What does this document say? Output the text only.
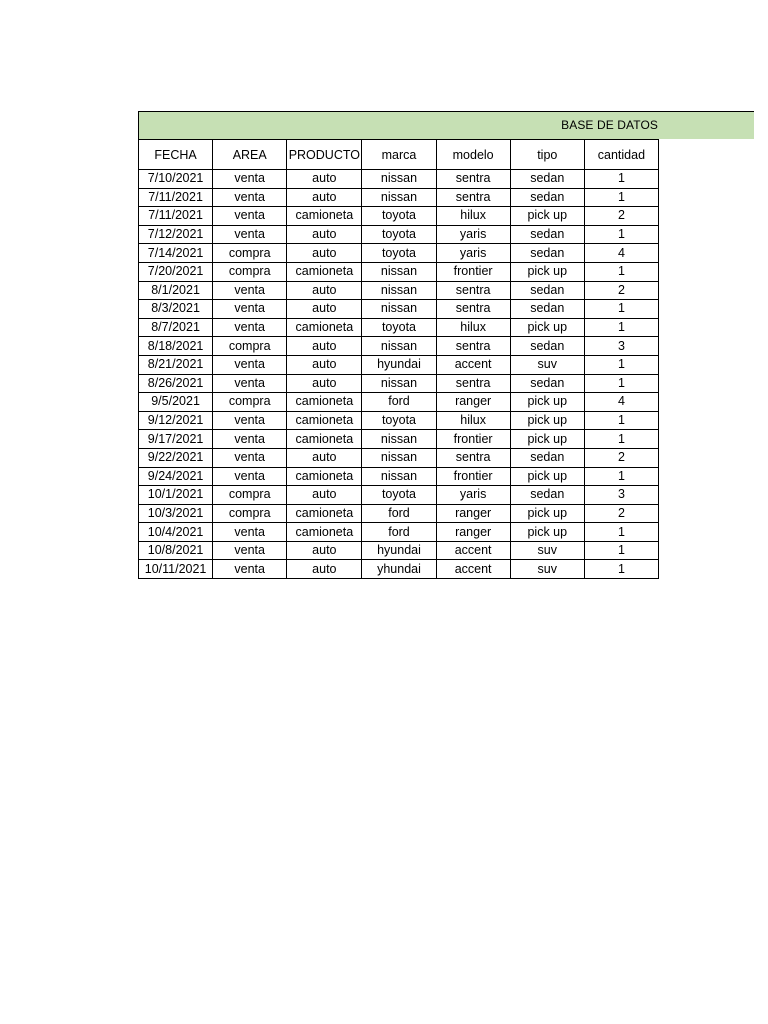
BASE DE DATOS
FECHA	AREA	PRODUCTO	marca	modelo	tipo	cantidad
7/10/2021	venta	auto	nissan	sentra	sedan	1
7/11/2021	venta	auto	nissan	sentra	sedan	1
7/11/2021	venta	camioneta	toyota	hilux	pick up	2
7/12/2021	venta	auto	toyota	yaris	sedan	1
7/14/2021	compra	auto	toyota	yaris	sedan	4
7/20/2021	compra	camioneta	nissan	frontier	pick up	1
8/1/2021	venta	auto	nissan	sentra	sedan	2
8/3/2021	venta	auto	nissan	sentra	sedan	1
8/7/2021	venta	camioneta	toyota	hilux	pick up	1
8/18/2021	compra	auto	nissan	sentra	sedan	3
8/21/2021	venta	auto	hyundai	accent	suv	1
8/26/2021	venta	auto	nissan	sentra	sedan	1
9/5/2021	compra	camioneta	ford	ranger	pick up	4
9/12/2021	venta	camioneta	toyota	hilux	pick up	1
9/17/2021	venta	camioneta	nissan	frontier	pick up	1
9/22/2021	venta	auto	nissan	sentra	sedan	2
9/24/2021	venta	camioneta	nissan	frontier	pick up	1
10/1/2021	compra	auto	toyota	yaris	sedan	3
10/3/2021	compra	camioneta	ford	ranger	pick up	2
10/4/2021	venta	camioneta	ford	ranger	pick up	1
10/8/2021	venta	auto	hyundai	accent	suv	1
10/11/2021	venta	auto	yhundai	accent	suv	1
